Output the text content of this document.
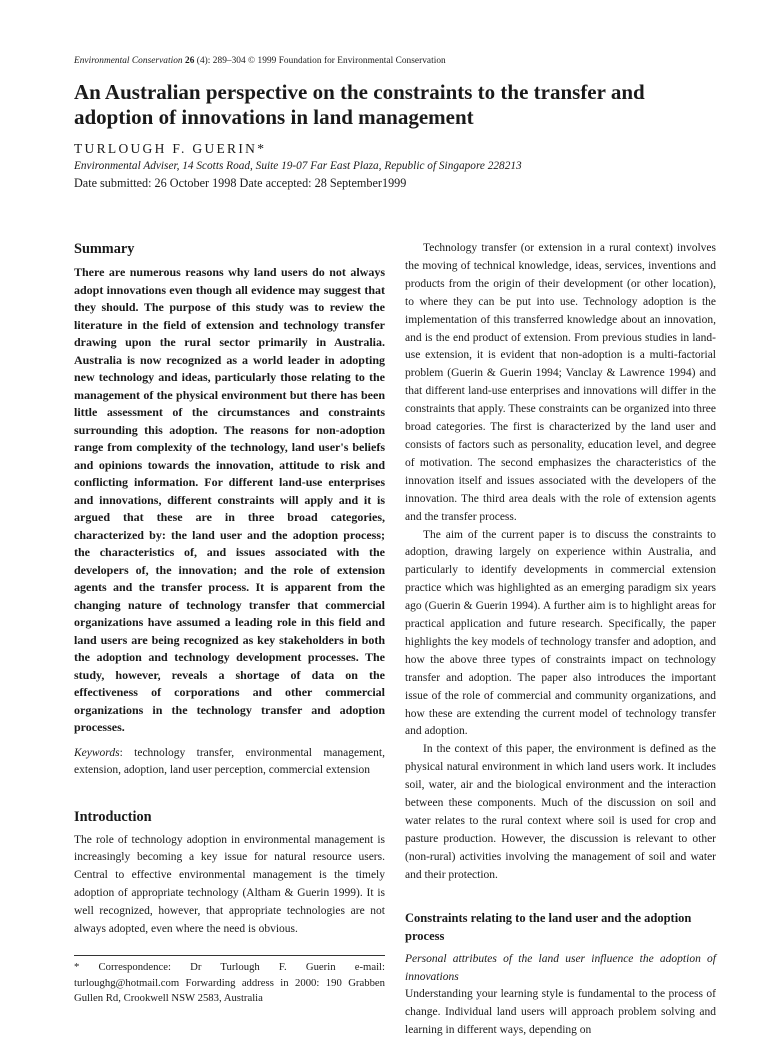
Environmental Conservation 26 (4): 289–304 © 1999 Foundation for Environmental Conservation
An Australian perspective on the constraints to the transfer and adoption of innovations in land management
TURLOUGH F. GUERIN*
Environmental Adviser, 14 Scotts Road, Suite 19-07 Far East Plaza, Republic of Singapore 228213
Date submitted: 26 October 1998 Date accepted: 28 September1999
Summary

There are numerous reasons why land users do not always adopt innovations even though all evidence may suggest that they should. The purpose of this study was to review the literature in the field of extension and technology transfer drawing upon the rural sector primarily in Australia. Australia is now recognized as a world leader in adopting new technology and ideas, particularly those relating to the management of the physical environment but there has been little assessment of the circumstances and constraints surrounding this adoption. The reasons for non-adoption range from complexity of the technology, land user's beliefs and opinions towards the innovation, attitude to risk and conflicting information. For different land-use enterprises and innovations, different constraints will apply and it is argued that these are in three broad categories, characterized by: the land user and the adoption process; the characteristics of, and issues associated with the developers of, the innovation; and the role of extension agents and the transfer process. It is apparent from the changing nature of technology transfer that commercial organizations have assumed a leading role in this field and land users are being recognized as key stakeholders in both the adoption and technology development processes. The study, however, reveals a shortage of data on the effectiveness of corporations and other commercial organizations in the technology transfer and adoption processes.

Keywords: technology transfer, environmental management, extension, adoption, land user perception, commercial extension

Introduction

The role of technology adoption in environmental management is increasingly becoming a key issue for natural resource users. Central to effective environmental management is the timely adoption of appropriate technology (Altham & Guerin 1999). It is well recognized, however, that appropriate technologies are not always adopted, even where the need is obvious.

* Correspondence: Dr Turlough F. Guerin e-mail: turloughg@hotmail.com Forwarding address in 2000: 190 Grabben Gullen Rd, Crookwell NSW 2583, Australia

Technology transfer (or extension in a rural context) involves the moving of technical knowledge, ideas, services, inventions and products from the origin of their development (or other location), to where they can be put into use. Technology adoption is the implementation of this transferred knowledge about an innovation, and is the end product of extension. From previous studies in land-use extension, it is evident that non-adoption is a multi-factorial problem (Guerin & Guerin 1994; Vanclay & Lawrence 1994) and that different land-use enterprises and innovations will differ in the constraints that apply. These constraints can be organized into three broad categories. The first is characterized by the land user and consists of factors such as personality, education level, and degree of motivation. The second emphasizes the characteristics of the innovation itself and issues associated with the developers of the innovation. The third area deals with the role of extension agents and the transfer process.

The aim of the current paper is to discuss the constraints to adoption, drawing largely on experience within Australia, and particularly to identify developments in commercial extension practice which was highlighted as an emerging paradigm six years ago (Guerin & Guerin 1994). A further aim is to highlight areas for practical application and future research. Specifically, the paper highlights the key models of technology transfer and adoption, and how the above three types of constraints impact on technology transfer and adoption. The paper also introduces the important issue of the role of commercial and community organizations, and how these are extending the current model of technology transfer and adoption.

In the context of this paper, the environment is defined as the physical natural environment in which land users work. It includes soil, water, air and the biological environment and the interaction between these components. Much of the discussion on soil and water relates to the rural context where soil is used for crop and pasture production. However, the discussion is relevant to other (non-rural) activities involving the management of soil and water and their protection.

Constraints relating to the land user and the adoption process

Personal attributes of the land user influence the adoption of innovations

Understanding your learning style is fundamental to the process of change. Individual land users will approach problem solving and learning in different ways, depending on
